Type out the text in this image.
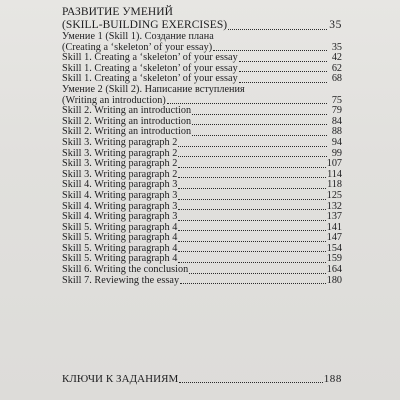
РАЗВИТИЕ УМЕНИЙ
(SKILL-BUILDING EXERCISES)	35
Умение 1 (Skill 1). Создание плана
(Creating a ‘skeleton’ of your essay)	35
Skill 1. Creating a ‘skeleton’ of your essay	42
Skill 1. Creating a ‘skeleton’ of your essay	62
Skill 1. Creating a ‘skeleton’ of your essay	68
Умение 2 (Skill 2). Написание вступления
(Writing an introduction)	75
Skill 2. Writing an introduction	79
Skill 2. Writing an introduction	84
Skill 2. Writing an introduction	88
Skill 3. Writing paragraph 2	94
Skill 3. Writing paragraph 2	99
Skill 3. Writing paragraph 2	107
Skill 3. Writing paragraph 2	114
Skill 4. Writing paragraph 3	118
Skill 4. Writing paragraph 3	125
Skill 4. Writing paragraph 3	132
Skill 4. Writing paragraph 3	137
Skill 5. Writing paragraph 4	141
Skill 5. Writing paragraph 4	147
Skill 5. Writing paragraph 4	154
Skill 5. Writing paragraph 4	159
Skill 6. Writing the conclusion	164
Skill 7. Reviewing the essay	180
КЛЮЧИ К ЗАДАНИЯМ	188
